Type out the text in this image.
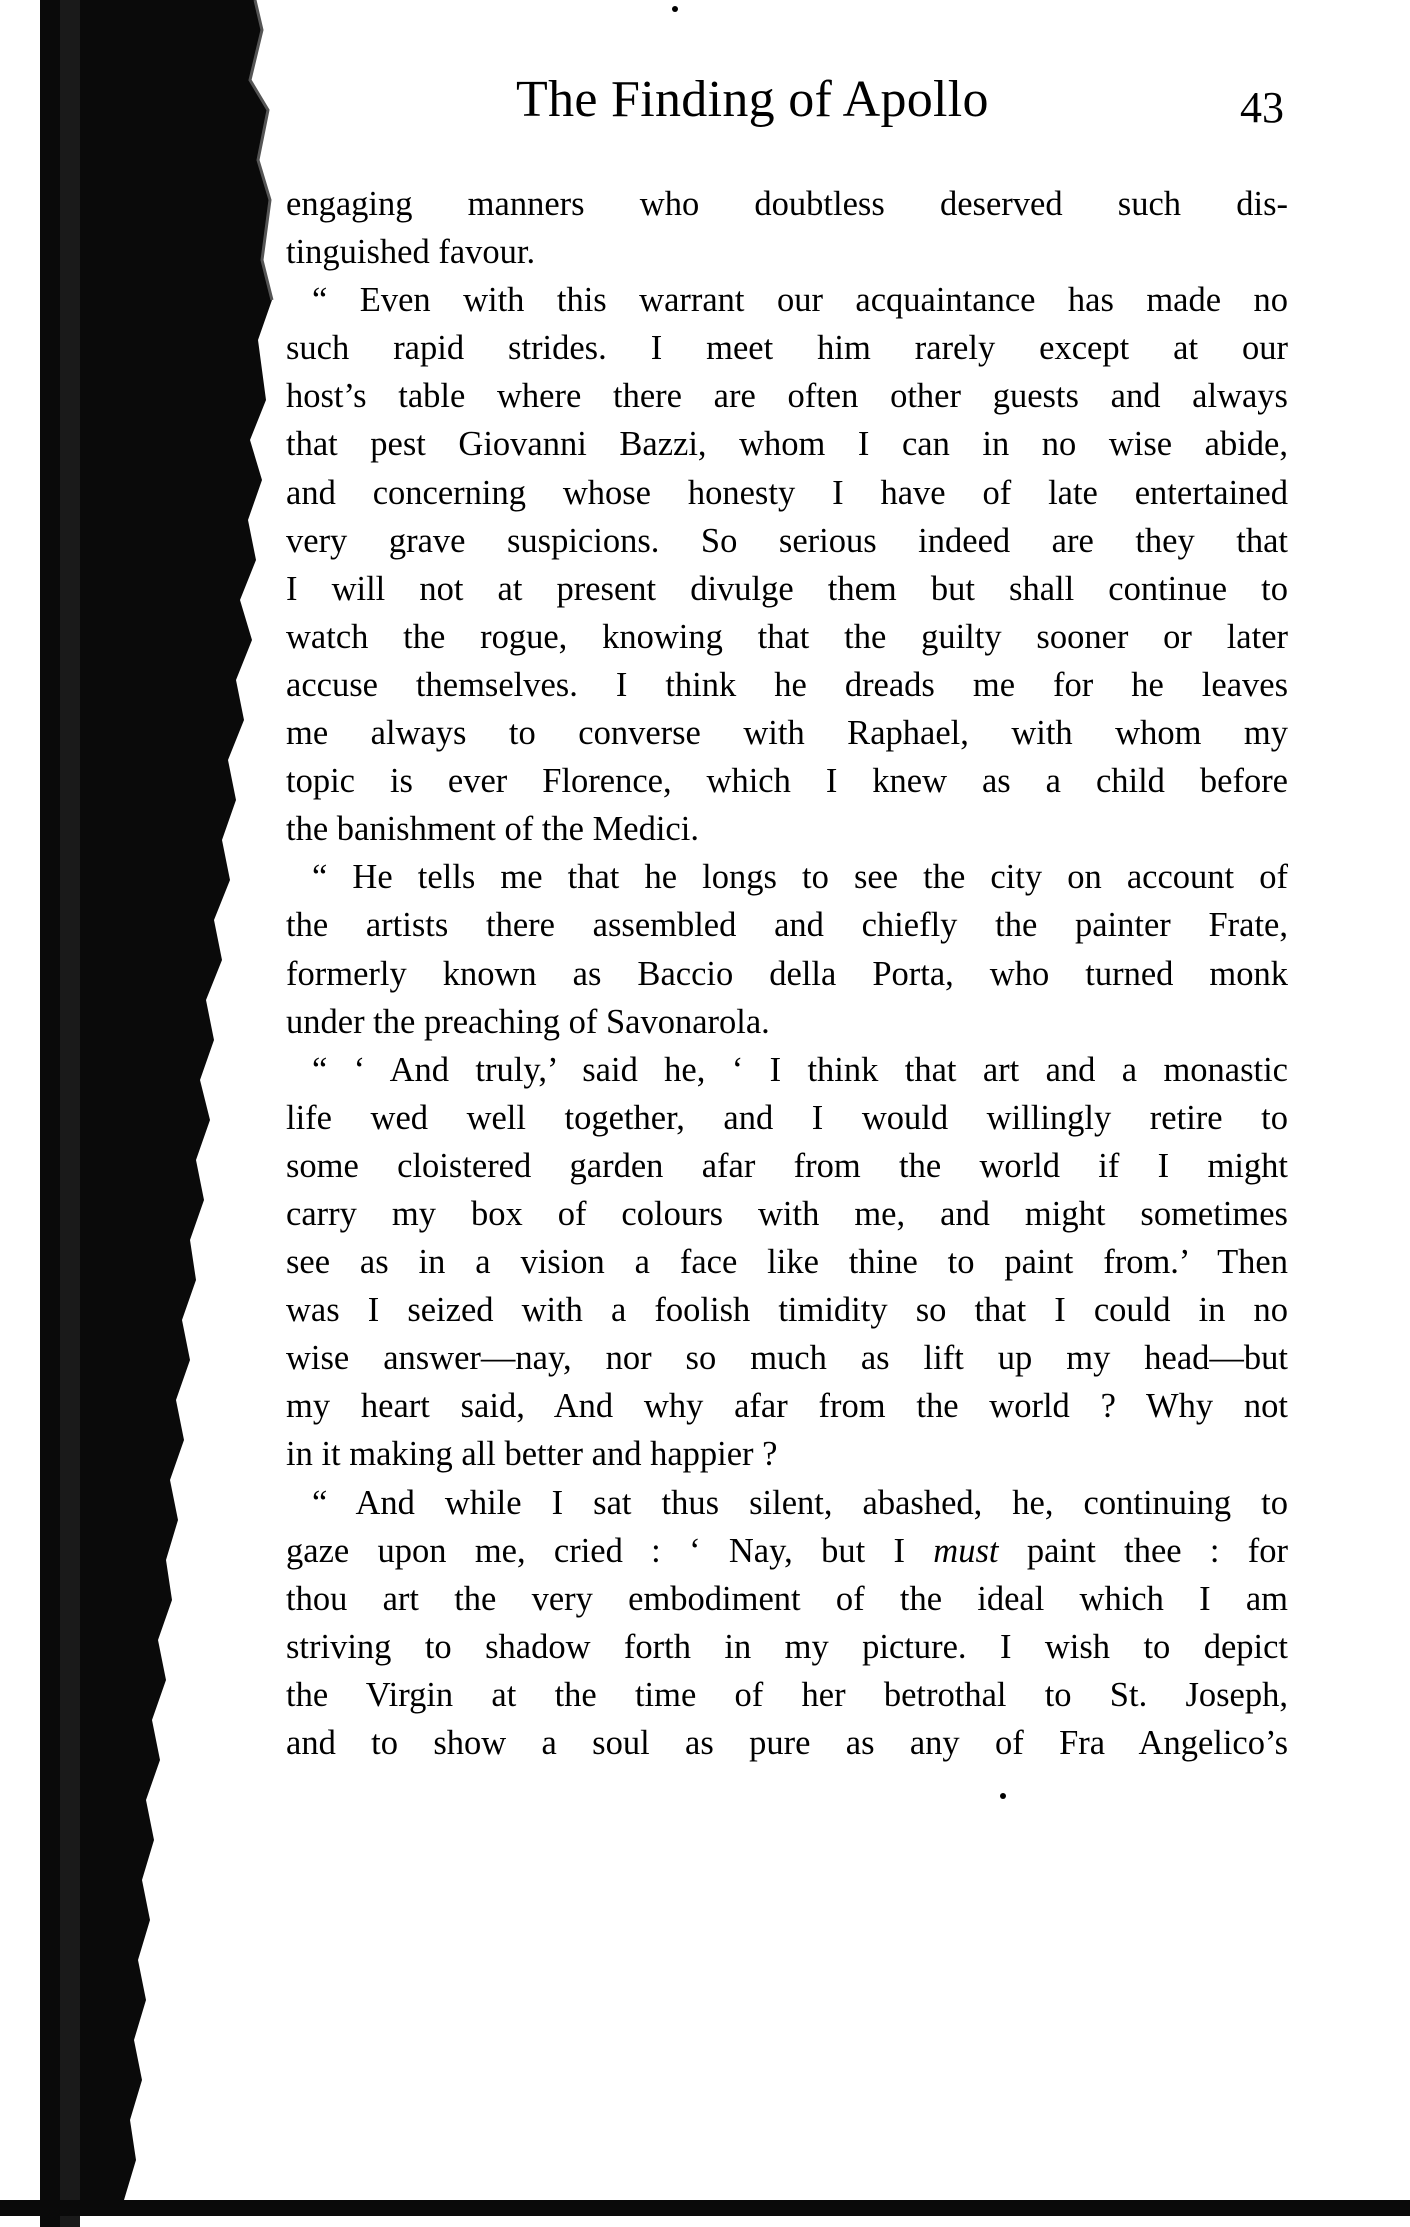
The Finding of Apollo	43
engaging manners who doubtless deserved such dis-
tinguished favour.
“ Even with this warrant our acquaintance has made no
such rapid strides. I meet him rarely except at our
host’s table where there are often other guests and always
that pest Giovanni Bazzi, whom I can in no wise abide,
and concerning whose honesty I have of late entertained
very grave suspicions. So serious indeed are they that
I will not at present divulge them but shall continue to
watch the rogue, knowing that the guilty sooner or later
accuse themselves. I think he dreads me for he leaves
me always to converse with Raphael, with whom my
topic is ever Florence, which I knew as a child before
the banishment of the Medici.
“ He tells me that he longs to see the city on account of
the artists there assembled and chiefly the painter Frate,
formerly known as Baccio della Porta, who turned monk
under the preaching of Savonarola.
“ ‘ And truly,’ said he, ‘ I think that art and a monastic
life wed well together, and I would willingly retire to
some cloistered garden afar from the world if I might
carry my box of colours with me, and might sometimes
see as in a vision a face like thine to paint from.’ Then
was I seized with a foolish timidity so that I could in no
wise answer—nay, nor so much as lift up my head—but
my heart said, And why afar from the world ? Why not
in it making all better and happier ?
“ And while I sat thus silent, abashed, he, continuing to
gaze upon me, cried : ‘ Nay, but I must paint thee : for
thou art the very embodiment of the ideal which I am
striving to shadow forth in my picture. I wish to depict
the Virgin at the time of her betrothal to St. Joseph,
and to show a soul as pure as any of Fra Angelico’s
